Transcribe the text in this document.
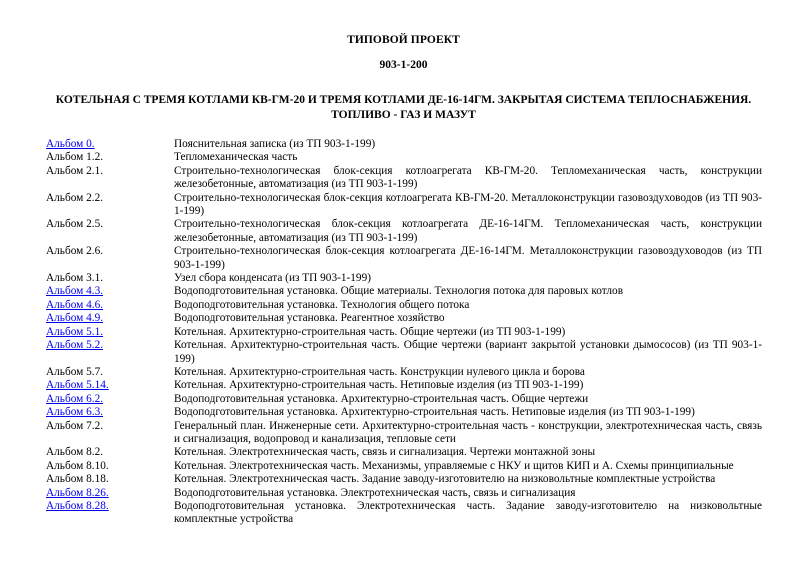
ТИПОВОЙ ПРОЕКТ
903-1-200
КОТЕЛЬНАЯ С ТРЕМЯ КОТЛАМИ КВ-ГМ-20 И ТРЕМЯ КОТЛАМИ ДЕ-16-14ГМ. ЗАКРЫТАЯ СИСТЕМА ТЕПЛОСНАБЖЕНИЯ. ТОПЛИВО - ГАЗ И МАЗУТ
Альбом 0.	Пояснительная записка (из ТП 903-1-199)
Альбом 1.2.	Тепломеханическая часть
Альбом 2.1.	Строительно-технологическая блок-секция котлоагрегата КВ-ГМ-20. Тепломеханическая часть, конструкции железобетонные, автоматизация (из ТП 903-1-199)
Альбом 2.2.	Строительно-технологическая блок-секция котлоагрегата КВ-ГМ-20. Металлоконструкции газовоздуховодов (из ТП 903-1-199)
Альбом 2.5.	Строительно-технологическая блок-секция котлоагрегата ДЕ-16-14ГМ. Тепломеханическая часть, конструкции железобетонные, автоматизация (из ТП 903-1-199)
Альбом 2.6.	Строительно-технологическая блок-секция котлоагрегата ДЕ-16-14ГМ. Металлоконструкции газовоздуховодов (из ТП 903-1-199)
Альбом 3.1.	Узел сбора конденсата (из ТП 903-1-199)
Альбом 4.3.	Водоподготовительная установка. Общие материалы. Технология потока для паровых котлов
Альбом 4.6.	Водоподготовительная установка. Технология общего потока
Альбом 4.9.	Водоподготовительная установка. Реагентное хозяйство
Альбом 5.1.	Котельная. Архитектурно-строительная часть. Общие чертежи (из ТП 903-1-199)
Альбом 5.2.	Котельная. Архитектурно-строительная часть. Общие чертежи (вариант закрытой установки дымососов) (из ТП 903-1-199)
Альбом 5.7.	Котельная. Архитектурно-строительная часть. Конструкции нулевого цикла и борова
Альбом 5.14.	Котельная. Архитектурно-строительная часть. Нетиповые изделия (из ТП 903-1-199)
Альбом 6.2.	Водоподготовительная установка. Архитектурно-строительная часть. Общие чертежи
Альбом 6.3.	Водоподготовительная установка. Архитектурно-строительная часть. Нетиповые изделия (из ТП 903-1-199)
Альбом 7.2.	Генеральный план. Инженерные сети. Архитектурно-строительная часть - конструкции, электротехническая часть, связь и сигнализация, водопровод и канализация, тепловые сети
Альбом 8.2.	Котельная. Электротехническая часть, связь и сигнализация. Чертежи монтажной зоны
Альбом 8.10.	Котельная. Электротехническая часть. Механизмы, управляемые с НКУ и щитов КИП и А. Схемы принципиальные
Альбом 8.18.	Котельная. Электротехническая часть. Задание заводу-изготовителю на низковольтные комплектные устройства
Альбом 8.26.	Водоподготовительная установка. Электротехническая часть, связь и сигнализация
Альбом 8.28.	Водоподготовительная установка. Электротехническая часть. Задание заводу-изготовителю на низковольтные комплектные устройства
